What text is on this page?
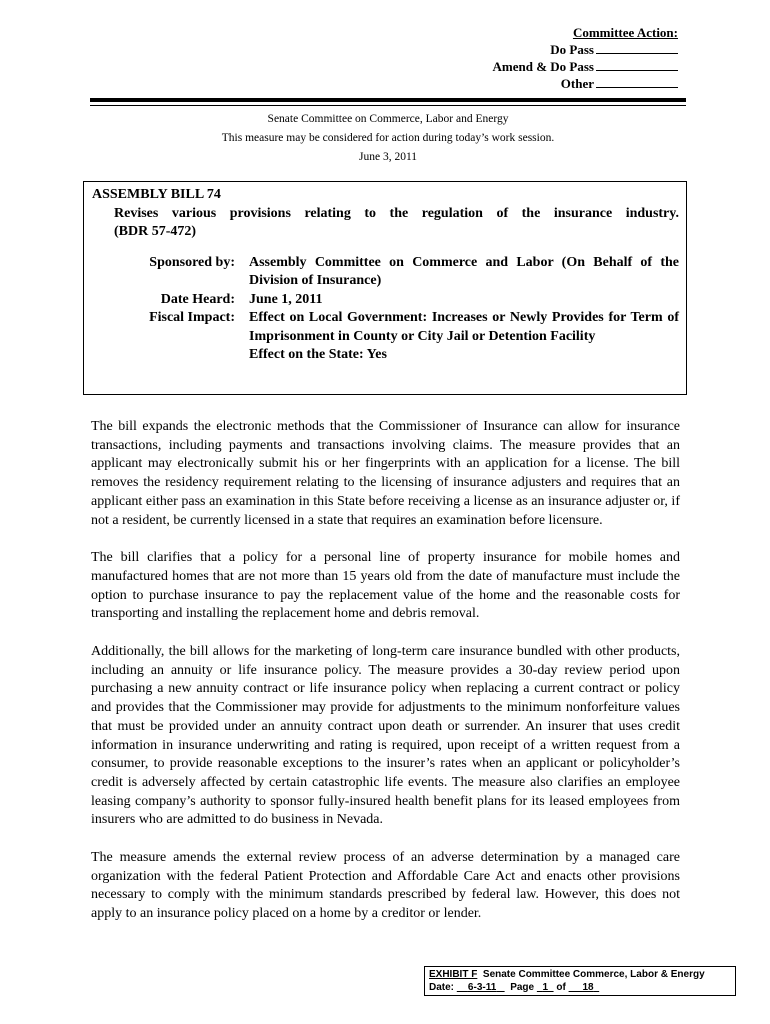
Committee Action:
Do Pass
Amend & Do Pass
Other
Senate Committee on Commerce, Labor and Energy
This measure may be considered for action during today’s work session.
June 3, 2011
ASSEMBLY BILL 74
Revises various provisions relating to the regulation of the insurance industry.
(BDR 57-472)
Sponsored by: Assembly Committee on Commerce and Labor (On Behalf of the Division of Insurance)
Date Heard: June 1, 2011
Fiscal Impact: Effect on Local Government: Increases or Newly Provides for Term of Imprisonment in County or City Jail or Detention Facility
Effect on the State: Yes

The bill expands the electronic methods that the Commissioner of Insurance can allow for insurance transactions, including payments and transactions involving claims. The measure provides that an applicant may electronically submit his or her fingerprints with an application for a license. The bill removes the residency requirement relating to the licensing of insurance adjusters and requires that an applicant either pass an examination in this State before receiving a license as an insurance adjuster or, if not a resident, be currently licensed in a state that requires an examination before licensure.

The bill clarifies that a policy for a personal line of property insurance for mobile homes and manufactured homes that are not more than 15 years old from the date of manufacture must include the option to purchase insurance to pay the replacement value of the home and the reasonable costs for transporting and installing the replacement home and debris removal.

Additionally, the bill allows for the marketing of long-term care insurance bundled with other products, including an annuity or life insurance policy. The measure provides a 30-day review period upon purchasing a new annuity contract or life insurance policy when replacing a current contract or policy and provides that the Commissioner may provide for adjustments to the minimum nonforfeiture values that must be provided under an annuity contract upon death or surrender. An insurer that uses credit information in insurance underwriting and rating is required, upon receipt of a written request from a consumer, to provide reasonable exceptions to the insurer’s rates when an applicant or policyholder’s credit is adversely affected by certain catastrophic life events. The measure also clarifies an employee leasing company’s authority to sponsor fully-insured health benefit plans for its leased employees from insurers who are admitted to do business in Nevada.

The measure amends the external review process of an adverse determination by a managed care organization with the federal Patient Protection and Affordable Care Act and enacts other provisions necessary to comply with the minimum standards prescribed by federal law. However, this does not apply to an insurance policy placed on a home by a creditor or lender.

EXHIBIT F Senate Committee Commerce, Labor & Energy
Date: 6-3-11 Page 1 of 18
